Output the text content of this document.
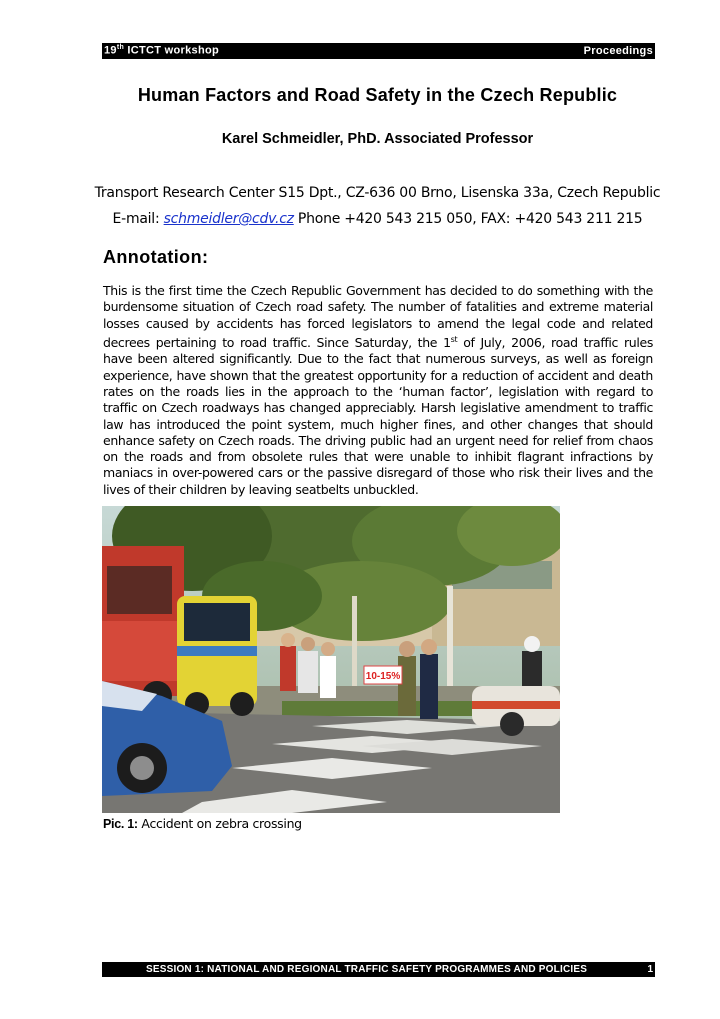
19th ICTCT workshop	Proceedings
Human Factors and Road Safety in the Czech Republic
Karel Schmeidler, PhD. Associated Professor
Transport Research Center S15 Dpt., CZ-636 00 Brno, Lisenska 33a, Czech Republic
E-mail: schmeidler@cdv.cz Phone +420 543 215 050, FAX: +420 543 211 215
Annotation:
This is the first time the Czech Republic Government has decided to do something with the burdensome situation of Czech road safety. The number of fatalities and extreme material losses caused by accidents has forced legislators to amend the legal code and related decrees pertaining to road traffic. Since Saturday, the 1st of July, 2006, road traffic rules have been altered significantly. Due to the fact that numerous surveys, as well as foreign experience, have shown that the greatest opportunity for a reduction of accident and death rates on the roads lies in the approach to the ‘human factor’, legislation with regard to traffic on Czech roadways has changed appreciably. Harsh legislative amendment to traffic law has introduced the point system, much higher fines, and other changes that should enhance safety on Czech roads. The driving public had an urgent need for relief from chaos on the roads and from obsolete rules that were unable to inhibit flagrant infractions by maniacs in over-powered cars or the passive disregard of those who risk their lives and the lives of their children by leaving seatbelts unbuckled.
10-15%
Pic. 1: Accident on zebra crossing
SESSION 1: NATIONAL AND REGIONAL TRAFFIC SAFETY PROGRAMMES AND POLICIES	1
